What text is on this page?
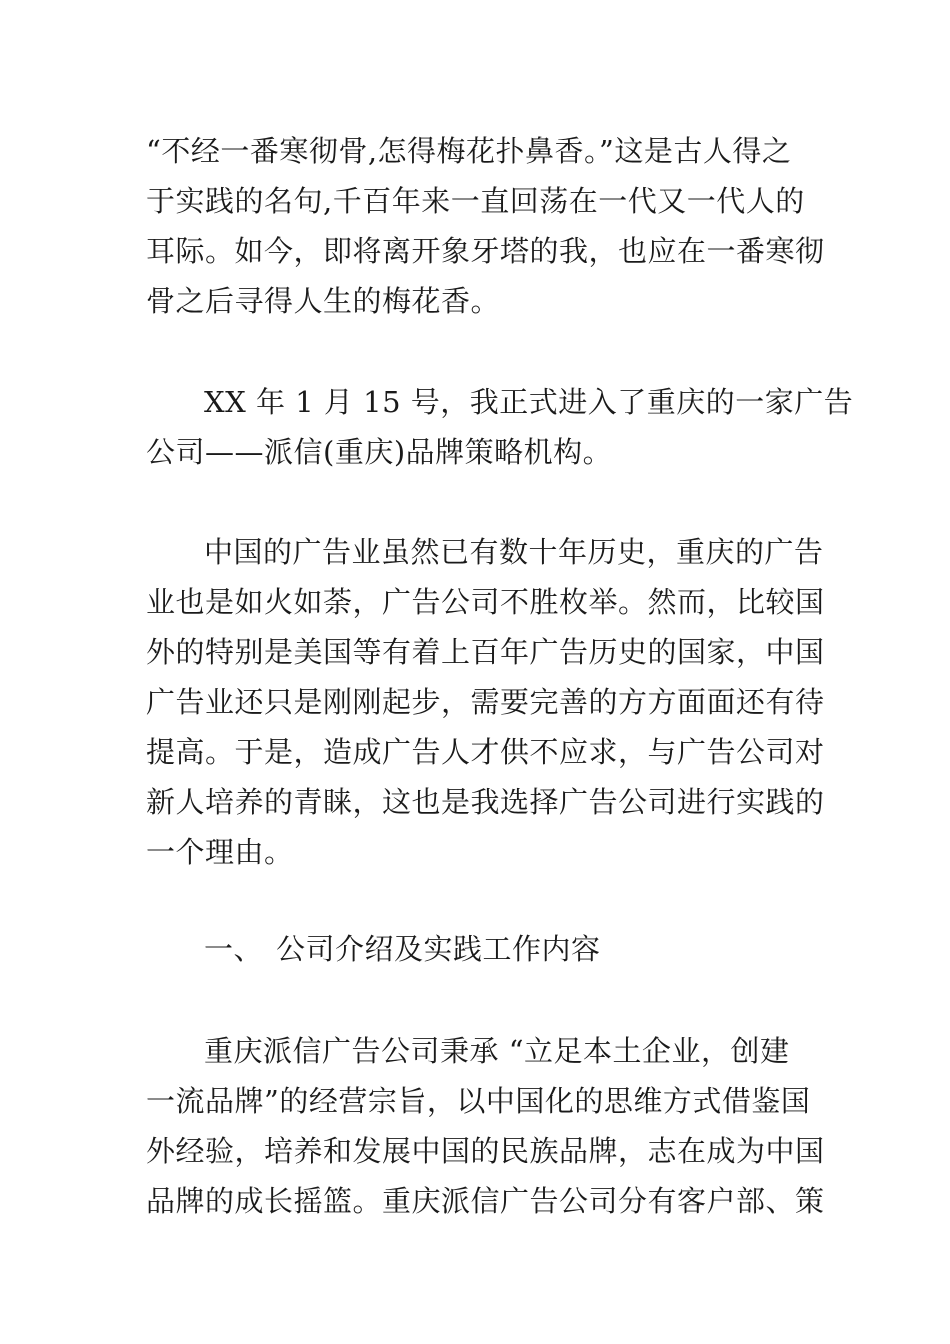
“不经一番寒彻骨,怎得梅花扑鼻香。”这是古人得之
于实践的名句,千百年来一直回荡在一代又一代人的
耳际。如今，即将离开象牙塔的我，也应在一番寒彻
骨之后寻得人生的梅花香。
XX 年 1 月 15 号，我正式进入了重庆的一家广告
公司——派信(重庆)品牌策略机构。
中国的广告业虽然已有数十年历史，重庆的广告
业也是如火如荼，广告公司不胜枚举。然而，比较国
外的特别是美国等有着上百年广告历史的国家，中国
广告业还只是刚刚起步，需要完善的方方面面还有待
提高。于是，造成广告人才供不应求，与广告公司对
新人培养的青睐，这也是我选择广告公司进行实践的
一个理由。
一、 公司介绍及实践工作内容
重庆派信广告公司秉承 “立足本土企业，创建
一流品牌”的经营宗旨，以中国化的思维方式借鉴国
外经验，培养和发展中国的民族品牌，志在成为中国
品牌的成长摇篮。重庆派信广告公司分有客户部、策
